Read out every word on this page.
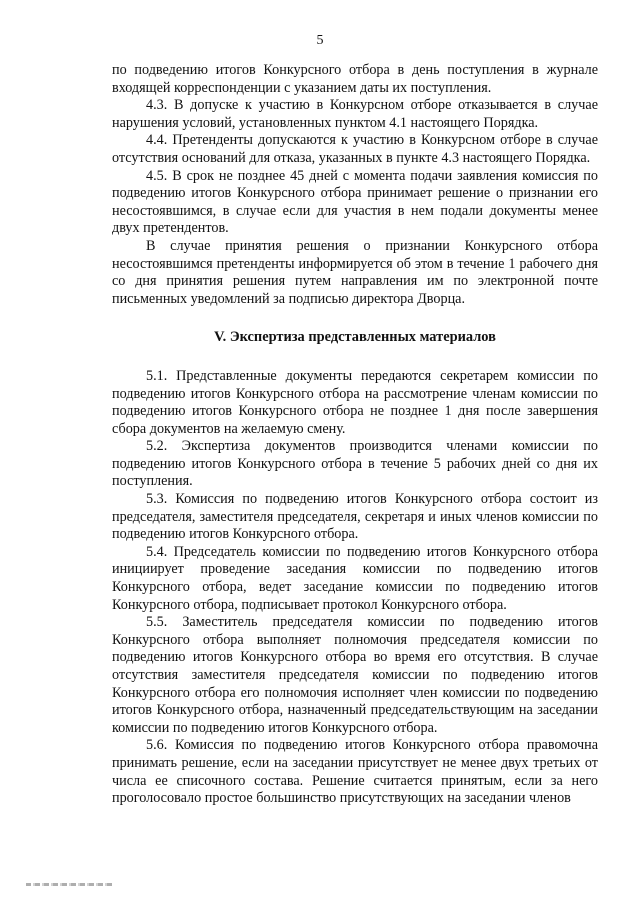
5

по подведению итогов Конкурсного отбора в день поступления в журнале входящей корреспонденции с указанием даты их поступления.

4.3. В допуске к участию в Конкурсном отборе отказывается в случае нарушения условий, установленных пунктом 4.1 настоящего Порядка.

4.4. Претенденты допускаются к участию в Конкурсном отборе в случае отсутствия оснований для отказа, указанных в пункте 4.3 настоящего Порядка.

4.5. В срок не позднее 45 дней с момента подачи заявления комиссия по подведению итогов Конкурсного отбора принимает решение о признании его несостоявшимся, в случае если для участия в нем подали документы менее двух претендентов.

В случае принятия решения о признании Конкурсного отбора несостоявшимся претенденты информируется об этом в течение 1 рабочего дня со дня принятия решения путем направления им по электронной почте письменных уведомлений за подписью директора Дворца.

V. Экспертиза представленных материалов

5.1. Представленные документы передаются секретарем комиссии по подведению итогов Конкурсного отбора на рассмотрение членам комиссии по подведению итогов Конкурсного отбора не позднее 1 дня после завершения сбора документов на желаемую смену.

5.2. Экспертиза документов производится членами комиссии по подведению итогов Конкурсного отбора в течение 5 рабочих дней со дня их поступления.

5.3. Комиссия по подведению итогов Конкурсного отбора состоит из председателя, заместителя председателя, секретаря и иных членов комиссии по подведению итогов Конкурсного отбора.

5.4. Председатель комиссии по подведению итогов Конкурсного отбора инициирует проведение заседания комиссии по подведению итогов Конкурсного отбора, ведет заседание комиссии по подведению итогов Конкурсного отбора, подписывает протокол Конкурсного отбора.

5.5. Заместитель председателя комиссии по подведению итогов Конкурсного отбора выполняет полномочия председателя комиссии по подведению итогов Конкурсного отбора во время его отсутствия. В случае отсутствия заместителя председателя комиссии по подведению итогов Конкурсного отбора его полномочия исполняет член комиссии по подведению итогов Конкурсного отбора, назначенный председательствующим на заседании комиссии по подведению итогов Конкурсного отбора.

5.6. Комиссия по подведению итогов Конкурсного отбора правомочна принимать решение, если на заседании присутствует не менее двух третьих от числа ее списочного состава. Решение считается принятым, если за него проголосовало простое большинство присутствующих на заседании членов
